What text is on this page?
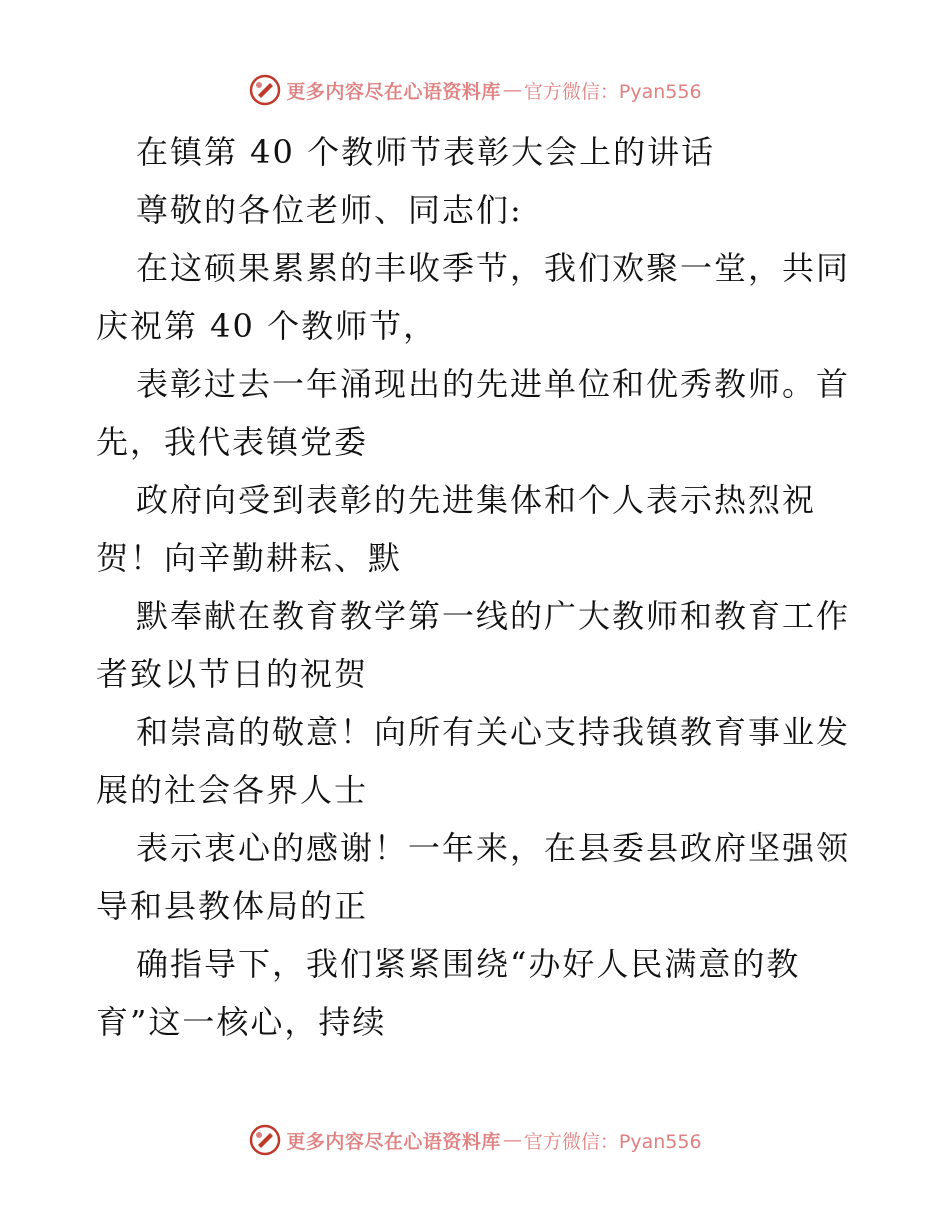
更多内容尽在心语资料库 — 官方微信：Pyan556
在镇第 40 个教师节表彰大会上的讲话
尊敬的各位老师、同志们:
在这硕果累累的丰收季节，我们欢聚一堂，共同
庆祝第 40 个教师节，
表彰过去一年涌现出的先进单位和优秀教师。首
先，我代表镇党委
政府向受到表彰的先进集体和个人表示热烈祝
贺！向辛勤耕耘、默
默奉献在教育教学第一线的广大教师和教育工作
者致以节日的祝贺
和崇高的敬意！向所有关心支持我镇教育事业发
展的社会各界人士
表示衷心的感谢！一年来，在县委县政府坚强领
导和县教体局的正
确指导下，我们紧紧围绕“办好人民满意的教
育”这一核心，持续
更多内容尽在心语资料库 — 官方微信：Pyan556
